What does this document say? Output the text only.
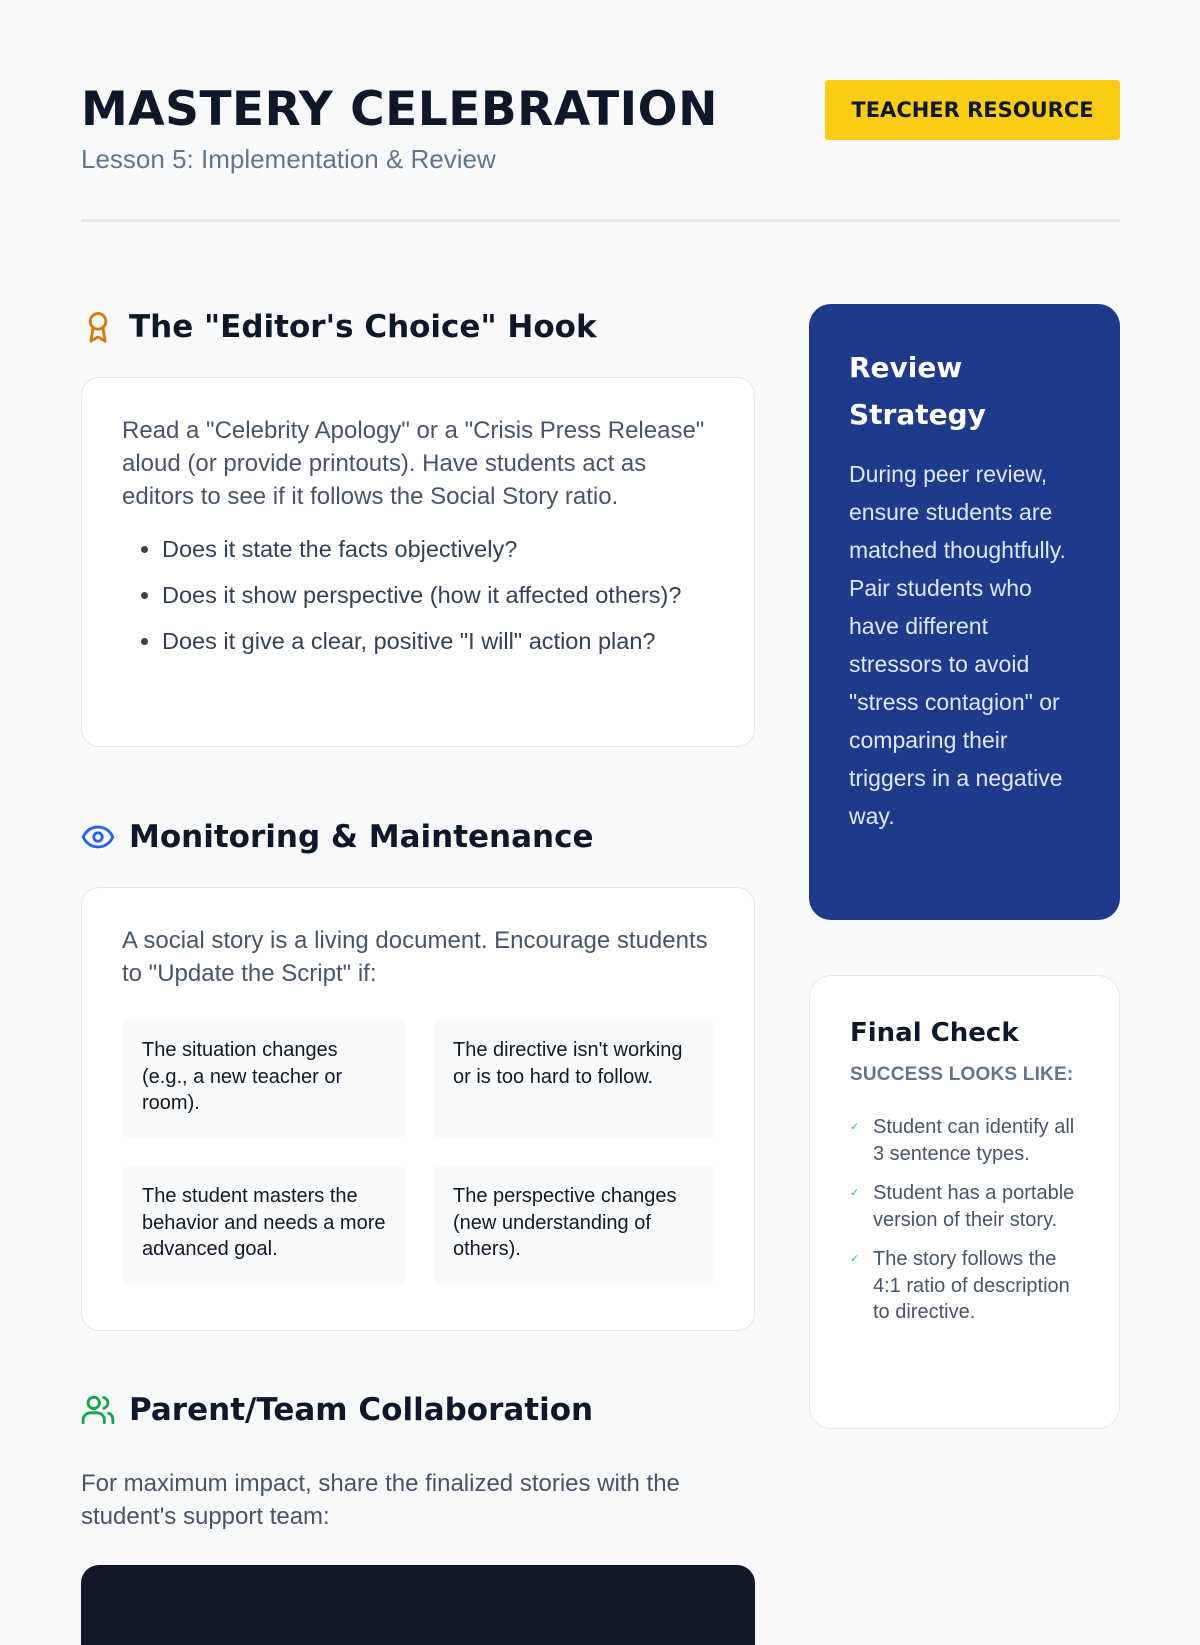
MASTERY CELEBRATION
Lesson 5: Implementation & Review
TEACHER RESOURCE
The "Editor's Choice" Hook

Read a "Celebrity Apology" or a "Crisis Press Release" aloud (or provide printouts). Have students act as editors to see if it follows the Social Story ratio.

• Does it state the facts objectively?
• Does it show perspective (how it affected others)?
• Does it give a clear, positive "I will" action plan?
Monitoring & Maintenance

A social story is a living document. Encourage students to "Update the Script" if:

The situation changes (e.g., a new teacher or room).
The directive isn't working or is too hard to follow.
The student masters the behavior and needs a more advanced goal.
The perspective changes (new understanding of others).
Parent/Team Collaboration
For maximum impact, share the finalized stories with the student's support team:
Review Strategy

During peer review, ensure students are matched thoughtfully. Pair students who have different stressors to avoid "stress contagion" or comparing their triggers in a negative way.

Final Check
SUCCESS LOOKS LIKE:
✓ Student can identify all 3 sentence types.
✓ Student has a portable version of their story.
✓ The story follows the 4:1 ratio of description to directive.
